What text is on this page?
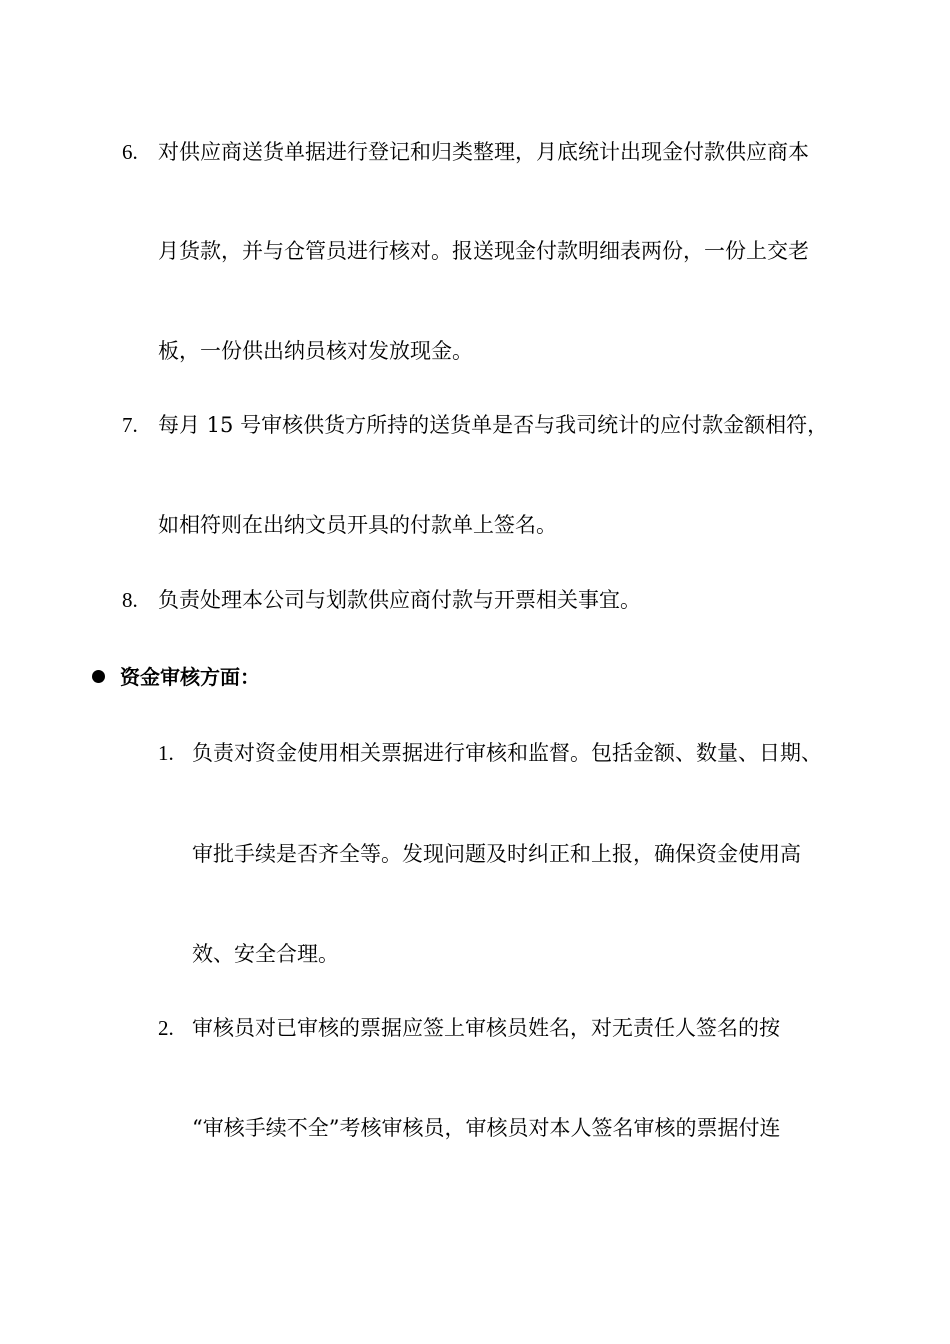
6. 对供应商送货单据进行登记和归类整理，月底统计出现金付款供应商本
月货款，并与仓管员进行核对。报送现金付款明细表两份，一份上交老
板，一份供出纳员核对发放现金。
7. 每月 15 号审核供货方所持的送货单是否与我司统计的应付款金额相符，
如相符则在出纳文员开具的付款单上签名。
8. 负责处理本公司与划款供应商付款与开票相关事宜。
资金审核方面：
1. 负责对资金使用相关票据进行审核和监督。包括金额、数量、日期、
审批手续是否齐全等。发现问题及时纠正和上报，确保资金使用高
效、安全合理。
2. 审核员对已审核的票据应签上审核员姓名，对无责任人签名的按
“审核手续不全”考核审核员，审核员对本人签名审核的票据付连
